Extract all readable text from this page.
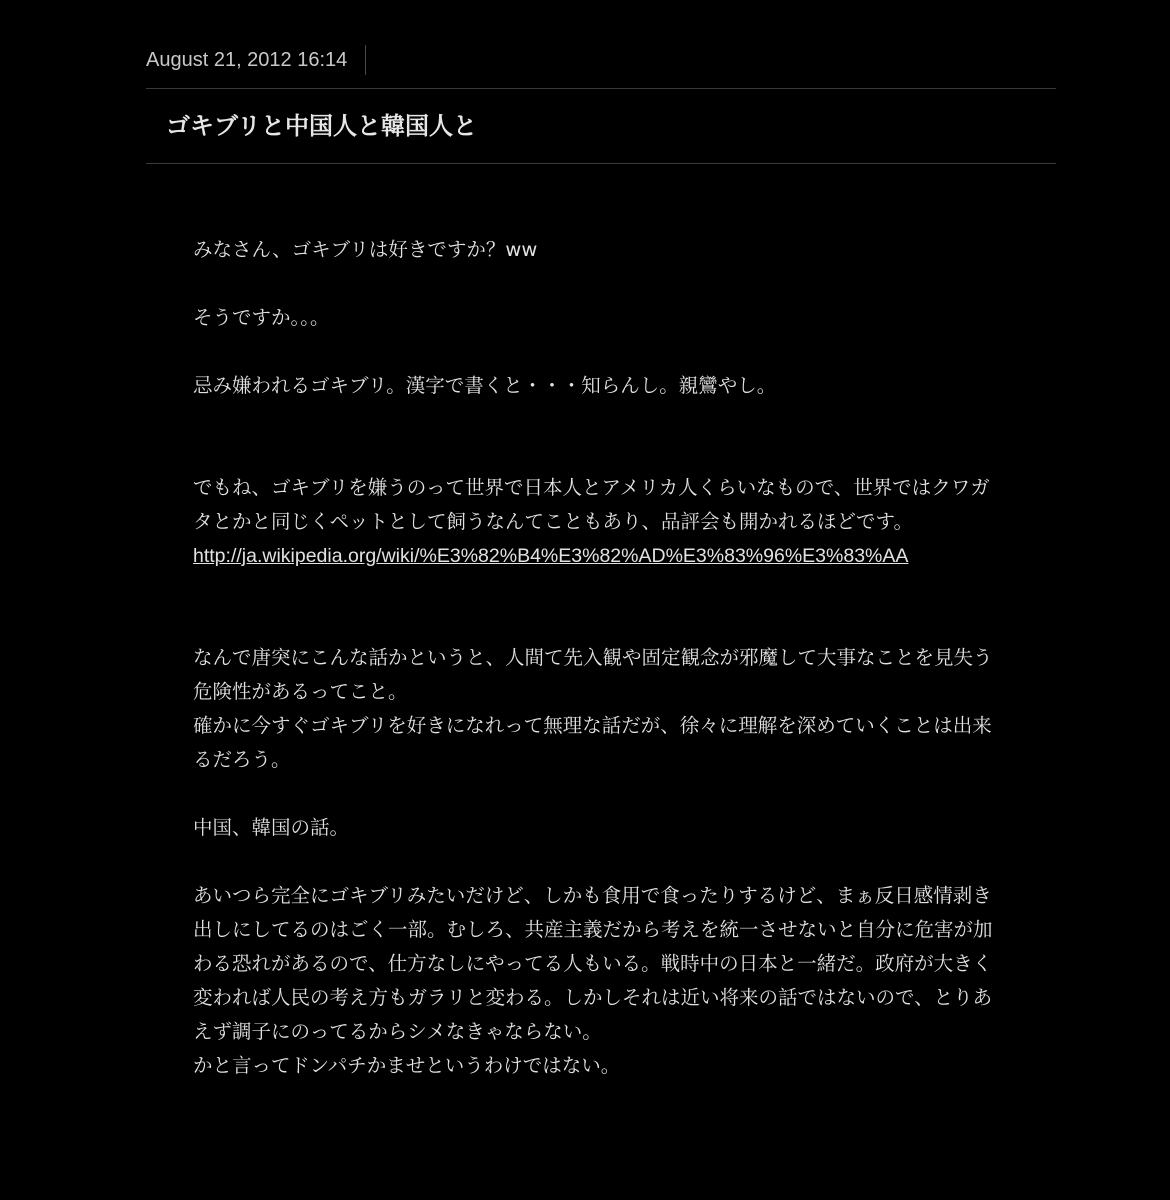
August 21, 2012 16:14
ゴキブリと中国人と韓国人と

みなさん、ゴキブリは好きですか？ww

そうですか。。。

忌み嫌われるゴキブリ。漢字で書くと・・・知らんし。親鸞やし。

でもね、ゴキブリを嫌うのって世界で日本人とアメリカ人くらいなもので、世界ではクワガタとかと同じくペットとして飼うなんてこともあり、品評会も開かれるほどです。

http://ja.wikipedia.org/wiki/%E3%82%B4%E3%82%AD%E3%83%96%E3%83%AA

なんで唐突にこんな話かというと、人間て先入観や固定観念が邪魔して大事なことを見失う危険性があるってこと。

確かに今すぐゴキブリを好きになれって無理な話だが、徐々に理解を深めていくことは出来るだろう。

中国、韓国の話。

あいつら完全にゴキブリみたいだけど、しかも食用で食ったりするけど、まぁ反日感情剥き出しにしてるのはごく一部。むしろ、共産主義だから考えを統一させないと自分に危害が加わる恐れがあるので、仕方なしにやってる人もいる。戦時中の日本と一緒だ。政府が大きく変われば人民の考え方もガラリと変わる。しかしそれは近い将来の話ではないので、とりあえず調子にのってるからシメなきゃならない。

かと言ってドンパチかませというわけではない。
